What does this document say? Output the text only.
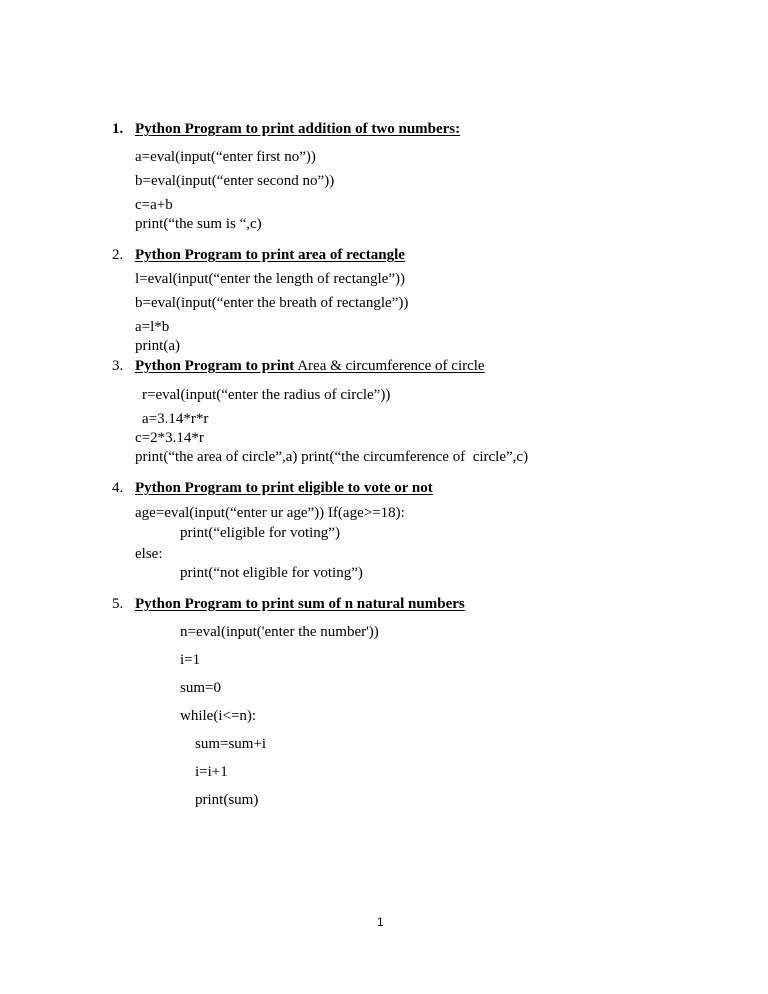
1. Python Program to print addition of two numbers:
a=eval(input(“enter first no”))
b=eval(input(“enter second no”))
c=a+b
print(“the sum is “,c)
2. Python Program to print area of rectangle
l=eval(input(“enter the length of rectangle”))
b=eval(input(“enter the breath of rectangle”))
a=l*b
print(a)
3. Python Program to print Area & circumference of circle
r=eval(input(“enter the radius of circle”))
a=3.14*r*r
c=2*3.14*r
print(“the area of circle”,a) print(“the circumference of  circle”,c)
4. Python Program to print eligible to vote or not
age=eval(input(“enter ur age”)) If(age>=18):
print(“eligible for voting”)
else:
print(“not eligible for voting”)
5. Python Program to print sum of n natural numbers
n=eval(input('enter the number'))
i=1
sum=0
while(i<=n):
sum=sum+i
i=i+1
print(sum)
1
